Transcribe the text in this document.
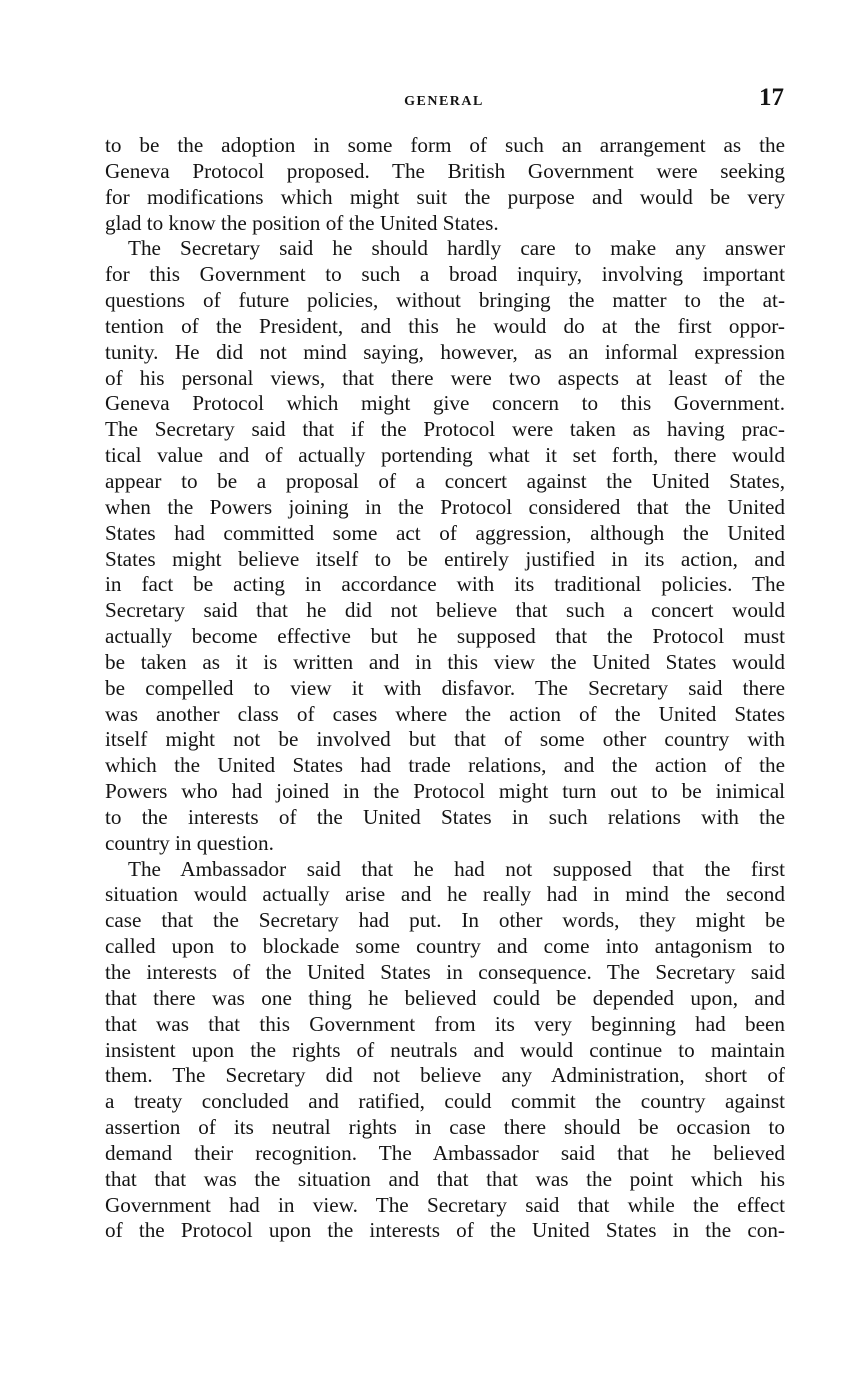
GENERAL	17
to be the adoption in some form of such an arrangement as the
Geneva Protocol proposed. The British Government were seeking
for modifications which might suit the purpose and would be very
glad to know the position of the United States.
The Secretary said he should hardly care to make any answer
for this Government to such a broad inquiry, involving important
questions of future policies, without bringing the matter to the at-
tention of the President, and this he would do at the first oppor-
tunity. He did not mind saying, however, as an informal expression
of his personal views, that there were two aspects at least of the
Geneva Protocol which might give concern to this Government.
The Secretary said that if the Protocol were taken as having prac-
tical value and of actually portending what it set forth, there would
appear to be a proposal of a concert against the United States,
when the Powers joining in the Protocol considered that the United
States had committed some act of aggression, although the United
States might believe itself to be entirely justified in its action, and
in fact be acting in accordance with its traditional policies. The
Secretary said that he did not believe that such a concert would
actually become effective but he supposed that the Protocol must
be taken as it is written and in this view the United States would
be compelled to view it with disfavor. The Secretary said there
was another class of cases where the action of the United States
itself might not be involved but that of some other country with
which the United States had trade relations, and the action of the
Powers who had joined in the Protocol might turn out to be inimical
to the interests of the United States in such relations with the
country in question.
The Ambassador said that he had not supposed that the first
situation would actually arise and he really had in mind the second
case that the Secretary had put. In other words, they might be
called upon to blockade some country and come into antagonism to
the interests of the United States in consequence. The Secretary said
that there was one thing he believed could be depended upon, and
that was that this Government from its very beginning had been
insistent upon the rights of neutrals and would continue to maintain
them. The Secretary did not believe any Administration, short of
a treaty concluded and ratified, could commit the country against
assertion of its neutral rights in case there should be occasion to
demand their recognition. The Ambassador said that he believed
that that was the situation and that that was the point which his
Government had in view. The Secretary said that while the effect
of the Protocol upon the interests of the United States in the con-
